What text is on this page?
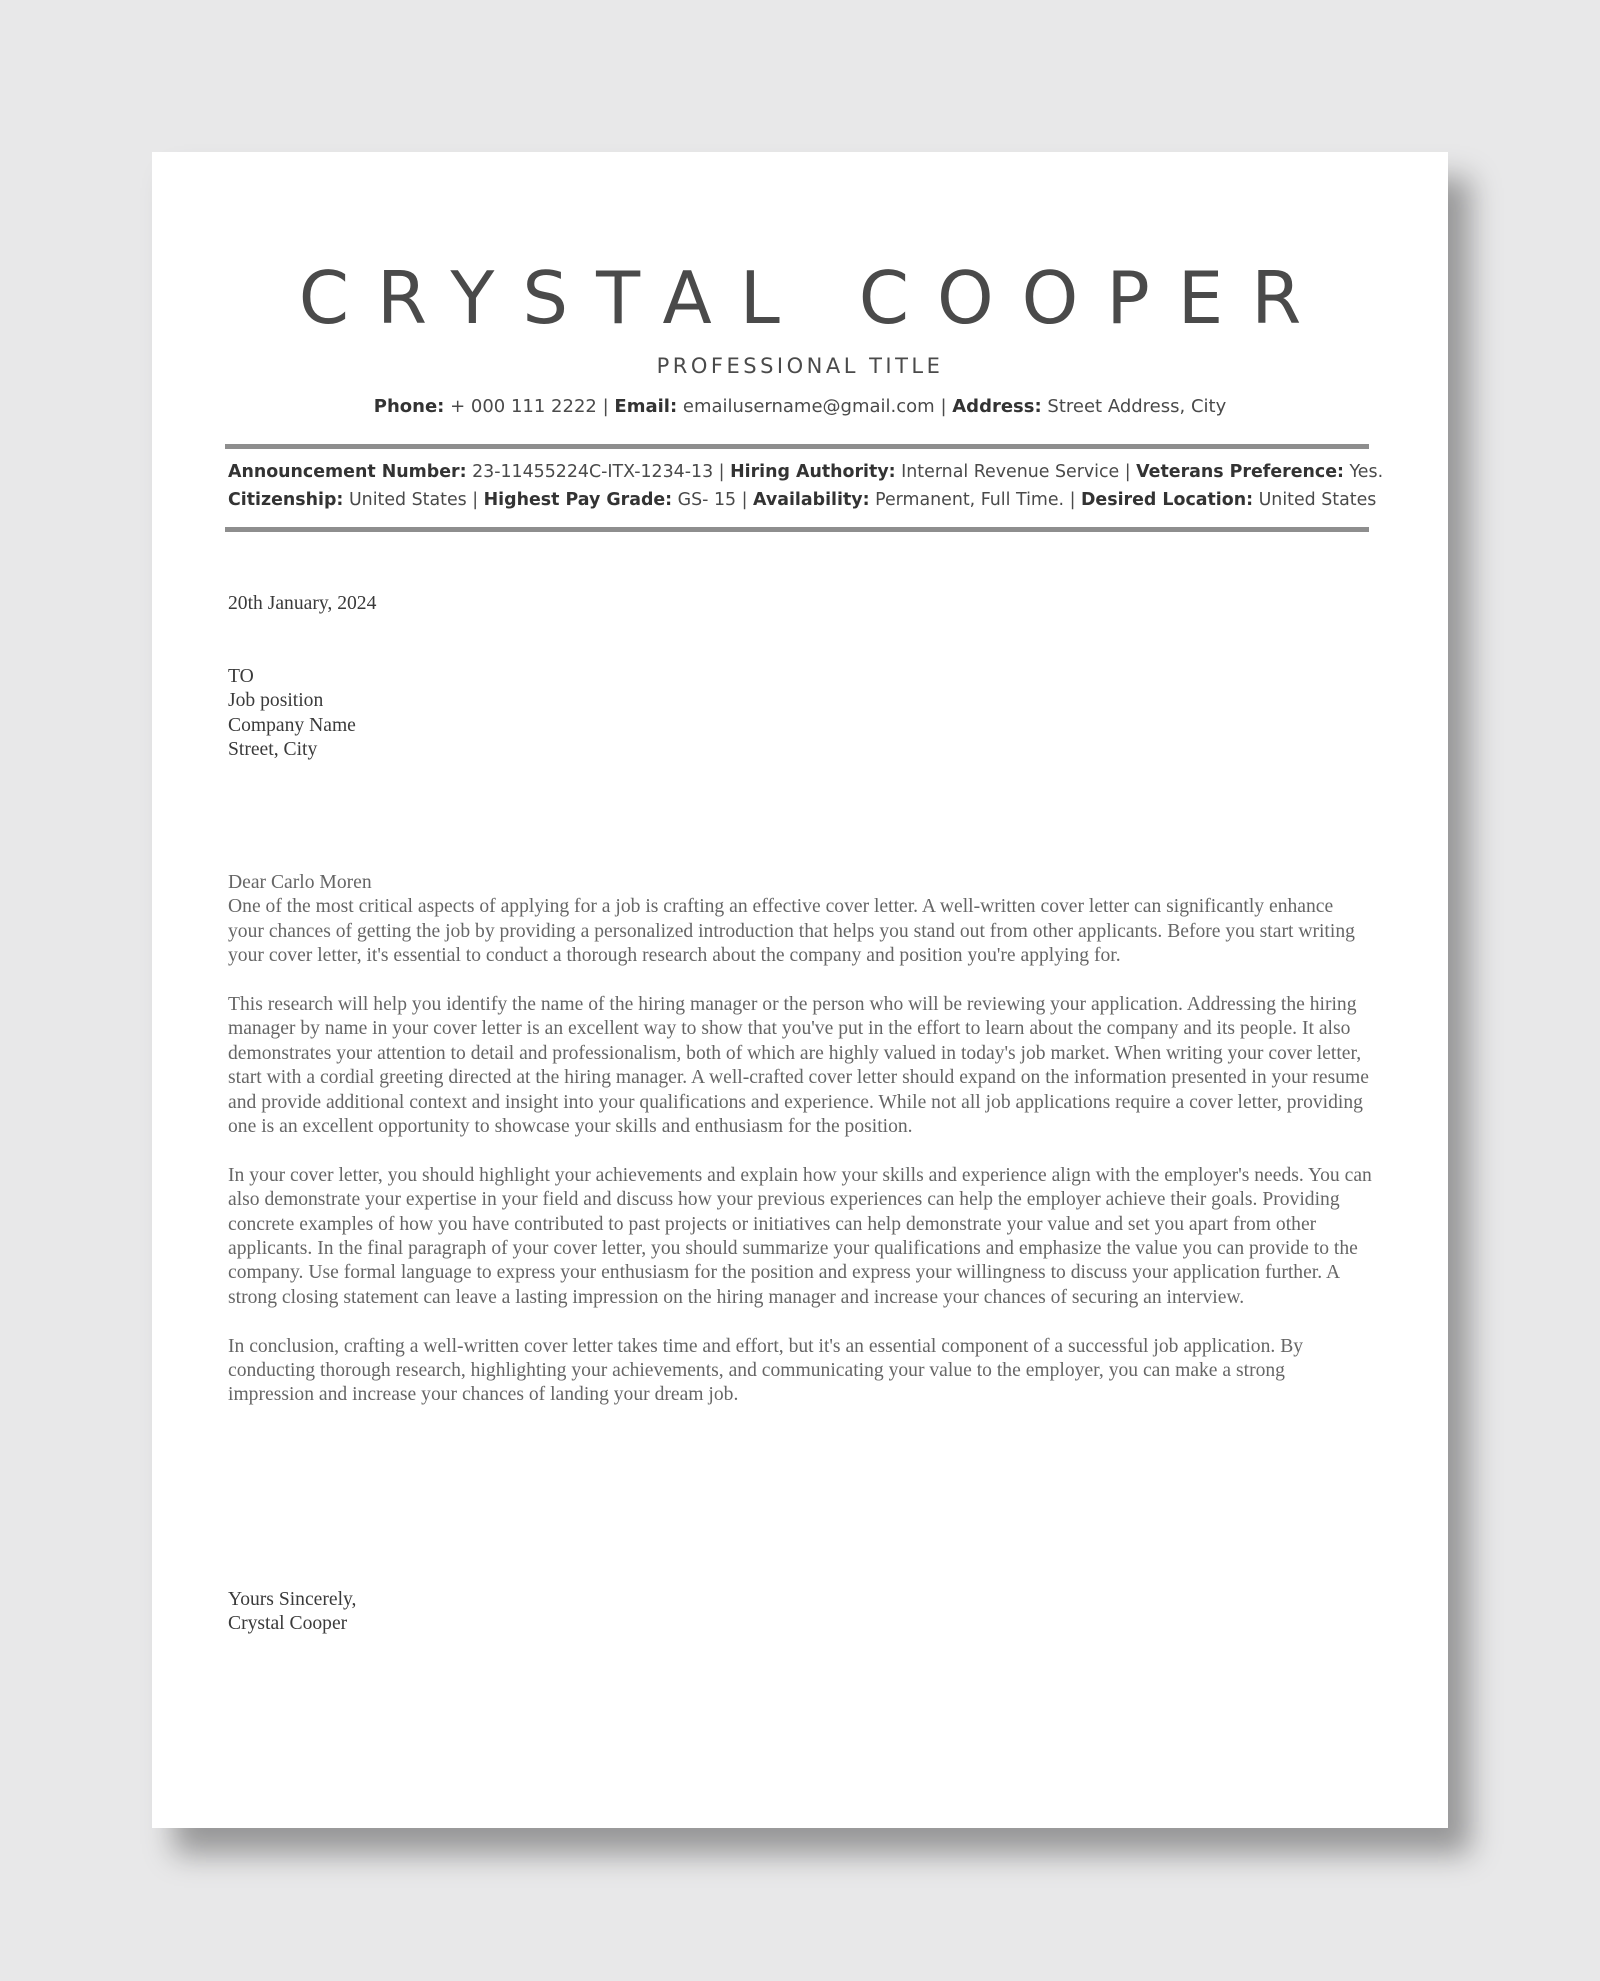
CRYSTAL COOPER
PROFESSIONAL TITLE
Phone: + 000 111 2222 | Email: emailusername@gmail.com | Address: Street Address, City
Announcement Number: 23-11455224C-ITX-1234-13 | Hiring Authority: Internal Revenue Service | Veterans Preference: Yes.
Citizenship: United States | Highest Pay Grade: GS- 15 | Availability: Permanent, Full Time. | Desired Location: United States
20th January, 2024
TO
Job position
Company Name
Street, City
Dear Carlo Moren

One of the most critical aspects of applying for a job is crafting an effective cover letter. A well-written cover letter can significantly enhance your chances of getting the job by providing a personalized introduction that helps you stand out from other applicants. Before you start writing your cover letter, it's essential to conduct a thorough research about the company and position you're applying for.

This research will help you identify the name of the hiring manager or the person who will be reviewing your application. Addressing the hiring manager by name in your cover letter is an excellent way to show that you've put in the effort to learn about the company and its people. It also demonstrates your attention to detail and professionalism, both of which are highly valued in today's job market. When writing your cover letter, start with a cordial greeting directed at the hiring manager. A well-crafted cover letter should expand on the information presented in your resume and provide additional context and insight into your qualifications and experience. While not all job applications require a cover letter, providing one is an excellent opportunity to showcase your skills and enthusiasm for the position.

In your cover letter, you should highlight your achievements and explain how your skills and experience align with the employer's needs. You can also demonstrate your expertise in your field and discuss how your previous experiences can help the employer achieve their goals. Providing concrete examples of how you have contributed to past projects or initiatives can help demonstrate your value and set you apart from other applicants. In the final paragraph of your cover letter, you should summarize your qualifications and emphasize the value you can provide to the company. Use formal language to express your enthusiasm for the position and express your willingness to discuss your application further. A strong closing statement can leave a lasting impression on the hiring manager and increase your chances of securing an interview.

In conclusion, crafting a well-written cover letter takes time and effort, but it's an essential component of a successful job application. By conducting thorough research, highlighting your achievements, and communicating your value to the employer, you can make a strong impression and increase your chances of landing your dream job.

Yours Sincerely,
Crystal Cooper
